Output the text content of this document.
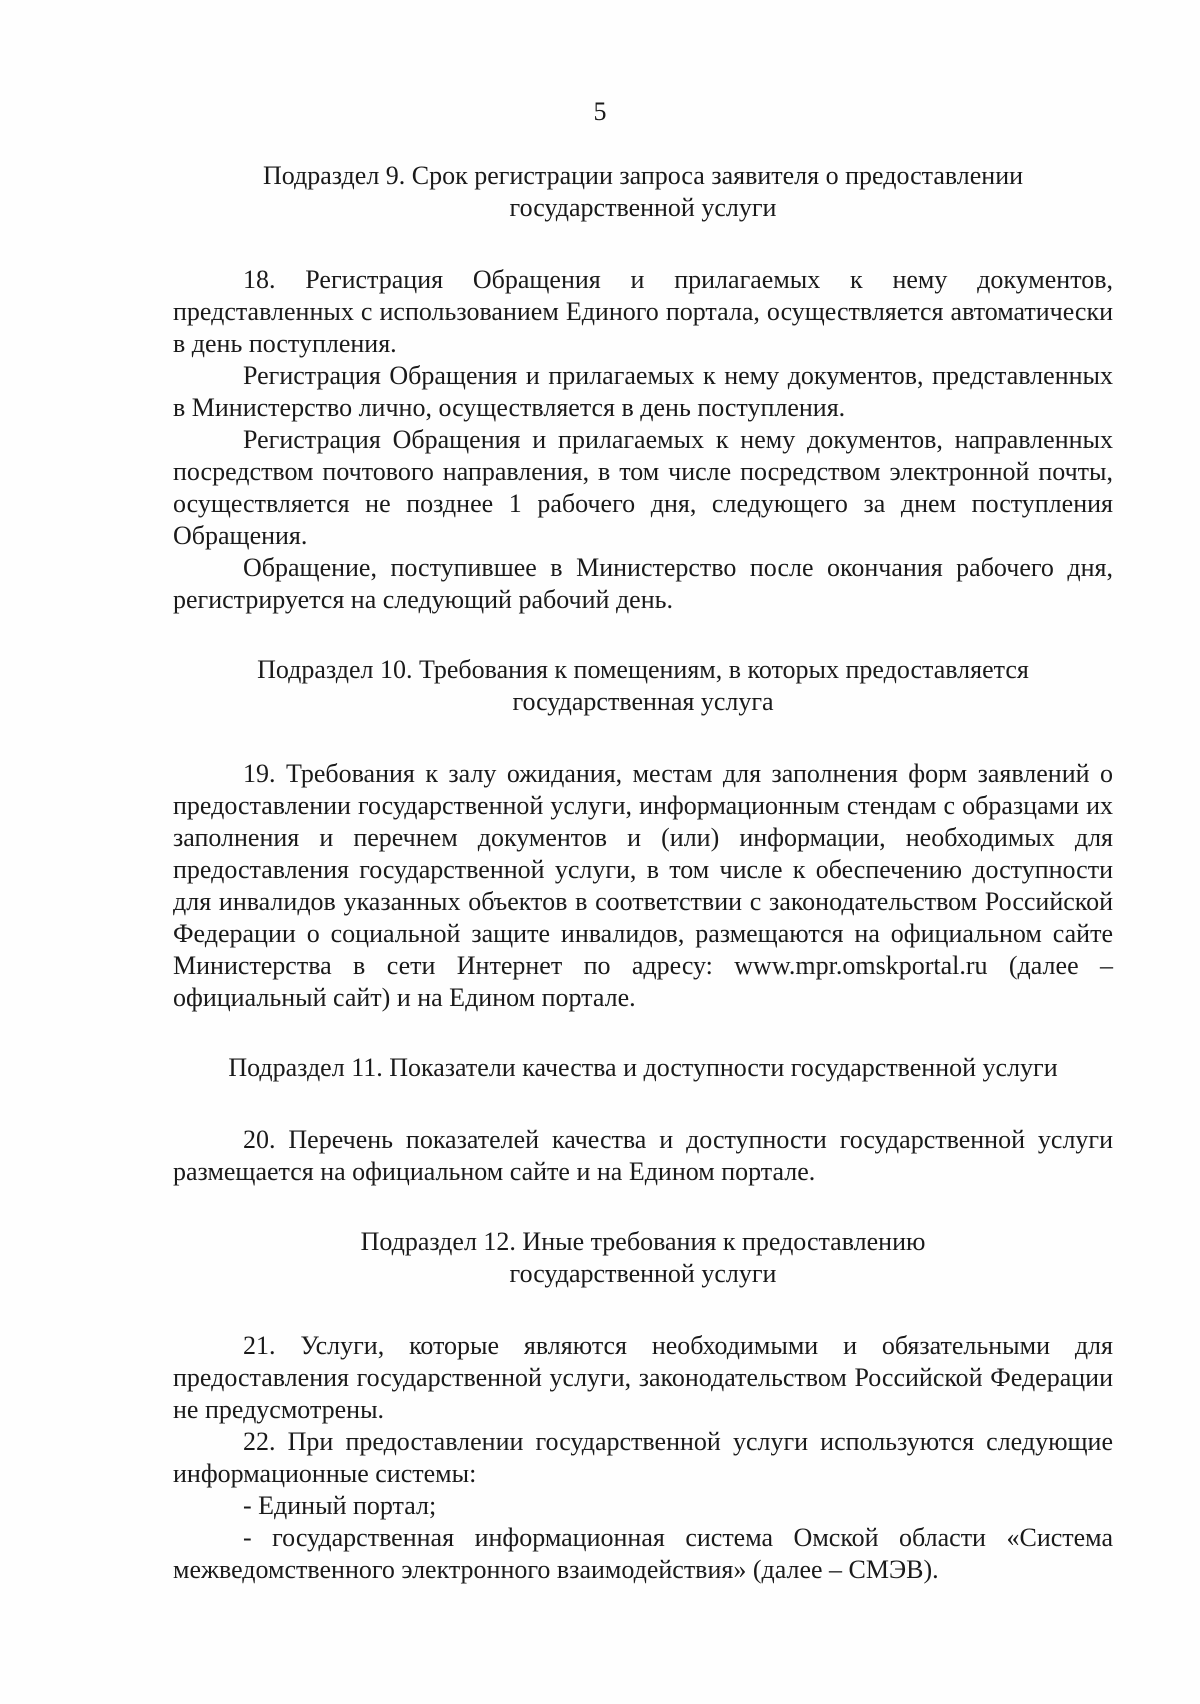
5
Подраздел 9. Срок регистрации запроса заявителя о предоставлении
государственной услуги

18. Регистрация Обращения и прилагаемых к нему документов, представленных с использованием Единого портала, осуществляется автоматически в день поступления.

Регистрация Обращения и прилагаемых к нему документов, представленных в Министерство лично, осуществляется в день поступления.

Регистрация Обращения и прилагаемых к нему документов, направленных посредством почтового направления, в том числе посредством электронной почты, осуществляется не позднее 1 рабочего дня, следующего за днем поступления Обращения.

Обращение, поступившее в Министерство после окончания рабочего дня, регистрируется на следующий рабочий день.

Подраздел 10. Требования к помещениям, в которых предоставляется
государственная услуга

19. Требования к залу ожидания, местам для заполнения форм заявлений о предоставлении государственной услуги, информационным стендам с образцами их заполнения и перечнем документов и (или) информации, необходимых для предоставления государственной услуги, в том числе к обеспечению доступности для инвалидов указанных объектов в соответствии с законодательством Российской Федерации о социальной защите инвалидов, размещаются на официальном сайте Министерства в сети Интернет по адресу: www.mpr.omskportal.ru (далее – официальный сайт) и на Едином портале.

Подраздел 11. Показатели качества и доступности государственной услуги

20. Перечень показателей качества и доступности государственной услуги размещается на официальном сайте и на Едином портале.

Подраздел 12. Иные требования к предоставлению
государственной услуги

21. Услуги, которые являются необходимыми и обязательными для предоставления государственной услуги, законодательством Российской Федерации не предусмотрены.

22. При предоставлении государственной услуги используются следующие информационные системы:

- Единый портал;

- государственная информационная система Омской области «Система межведомственного электронного взаимодействия» (далее – СМЭВ).
